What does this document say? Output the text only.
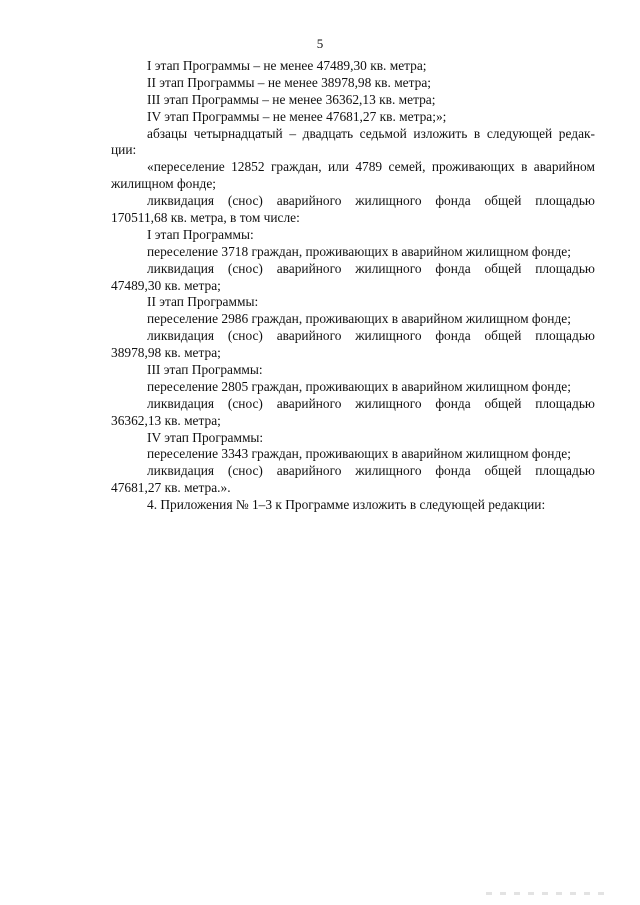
5
I этап Программы – не менее 47489,30 кв. метра;
II этап Программы – не менее 38978,98 кв. метра;
III этап Программы – не менее 36362,13 кв. метра;
IV этап Программы – не менее 47681,27 кв. метра;»;
абзацы четырнадцатый – двадцать седьмой изложить в следующей редак-
ции:
«переселение 12852 граждан, или 4789 семей, проживающих в аварийном
жилищном фонде;
ликвидация (снос) аварийного жилищного фонда общей площадью
170511,68 кв. метра, в том числе:
I этап Программы:
переселение 3718 граждан, проживающих в аварийном жилищном фонде;
ликвидация (снос) аварийного жилищного фонда общей площадью
47489,30 кв. метра;
II этап Программы:
переселение 2986 граждан, проживающих в аварийном жилищном фонде;
ликвидация (снос) аварийного жилищного фонда общей площадью
38978,98 кв. метра;
III этап Программы:
переселение 2805 граждан, проживающих в аварийном жилищном фонде;
ликвидация (снос) аварийного жилищного фонда общей площадью
36362,13 кв. метра;
IV этап Программы:
переселение 3343 граждан, проживающих в аварийном жилищном фонде;
ликвидация (снос) аварийного жилищного фонда общей площадью
47681,27 кв. метра.».
4. Приложения № 1–3 к Программе изложить в следующей редакции:
